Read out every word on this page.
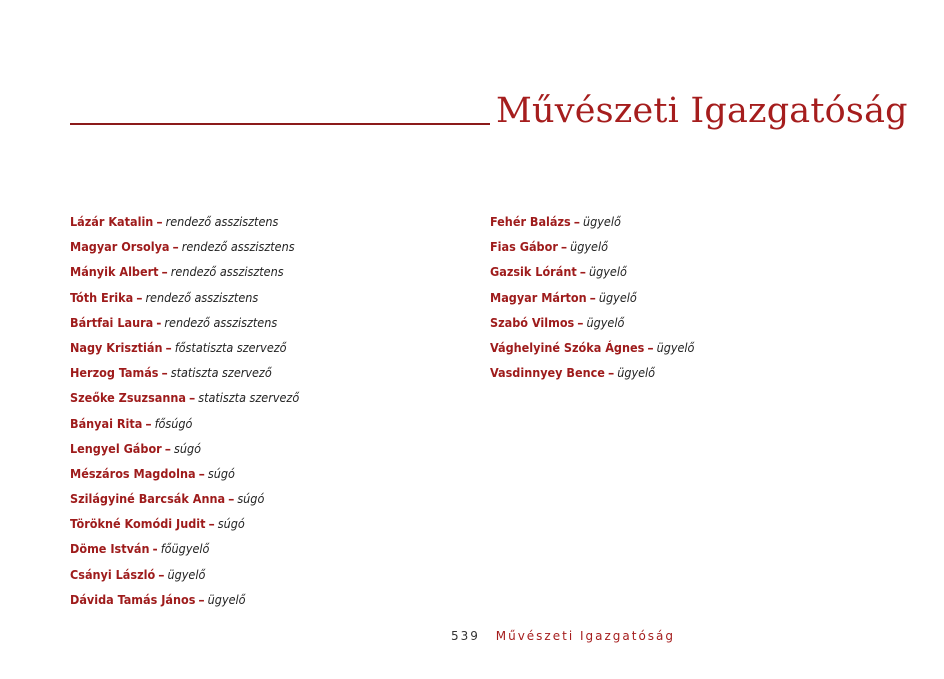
Művészeti Igazgatóság
Lázár Katalin – rendező asszisztens
Magyar Orsolya – rendező asszisztens
Mányik Albert – rendező asszisztens
Tóth Erika – rendező asszisztens
Bártfai Laura - rendező asszisztens
Nagy Krisztián – főstatiszta szervező
Herzog Tamás – statiszta szervező
Szeőke Zsuzsanna – statiszta szervező
Bányai Rita – fősúgó
Lengyel Gábor – súgó
Mészáros Magdolna – súgó
Szilágyiné Barcsák Anna – súgó
Törökné Komódi Judit – súgó
Döme István - főügyelő
Csányi László – ügyelő
Dávida Tamás János – ügyelő
Fehér Balázs – ügyelő
Fias Gábor – ügyelő
Gazsik Lóránt – ügyelő
Magyar Márton – ügyelő
Szabó Vilmos – ügyelő
Vághelyiné Szóka Ágnes – ügyelő
Vasdinnyey Bence – ügyelő
539 Művészeti Igazgatóság
